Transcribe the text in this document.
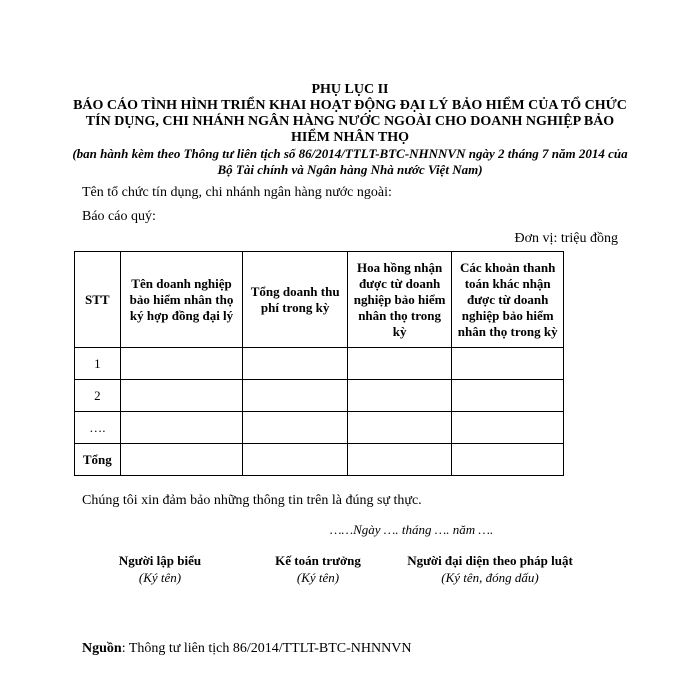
PHỤ LỤC II
BÁO CÁO TÌNH HÌNH TRIỂN KHAI HOẠT ĐỘNG ĐẠI LÝ BẢO HIỂM CỦA TỔ CHỨC TÍN DỤNG, CHI NHÁNH NGÂN HÀNG NƯỚC NGOÀI CHO DOANH NGHIỆP BẢO HIỂM NHÂN THỌ
(ban hành kèm theo Thông tư liên tịch số 86/2014/TTLT-BTC-NHNNVN ngày 2 tháng 7 năm 2014 của Bộ Tài chính và Ngân hàng Nhà nước Việt Nam)
Tên tổ chức tín dụng, chi nhánh ngân hàng nước ngoài:
Báo cáo quý:
Đơn vị: triệu đồng
STT	Tên doanh nghiệp bảo hiểm nhân thọ ký hợp đồng đại lý	Tổng doanh thu phí trong kỳ	Hoa hồng nhận được từ doanh nghiệp bảo hiểm nhân thọ trong kỳ	Các khoản thanh toán khác nhận được từ doanh nghiệp bảo hiểm nhân thọ trong kỳ
1				
2				
….				
Tổng				
Chúng tôi xin đảm bảo những thông tin trên là đúng sự thực.
……Ngày …. tháng …. năm ….
Người lập biểu
(Ký tên)
Kế toán trưởng
(Ký tên)
Người đại diện theo pháp luật
(Ký tên, đóng dấu)
Nguồn: Thông tư liên tịch 86/2014/TTLT-BTC-NHNNVN
